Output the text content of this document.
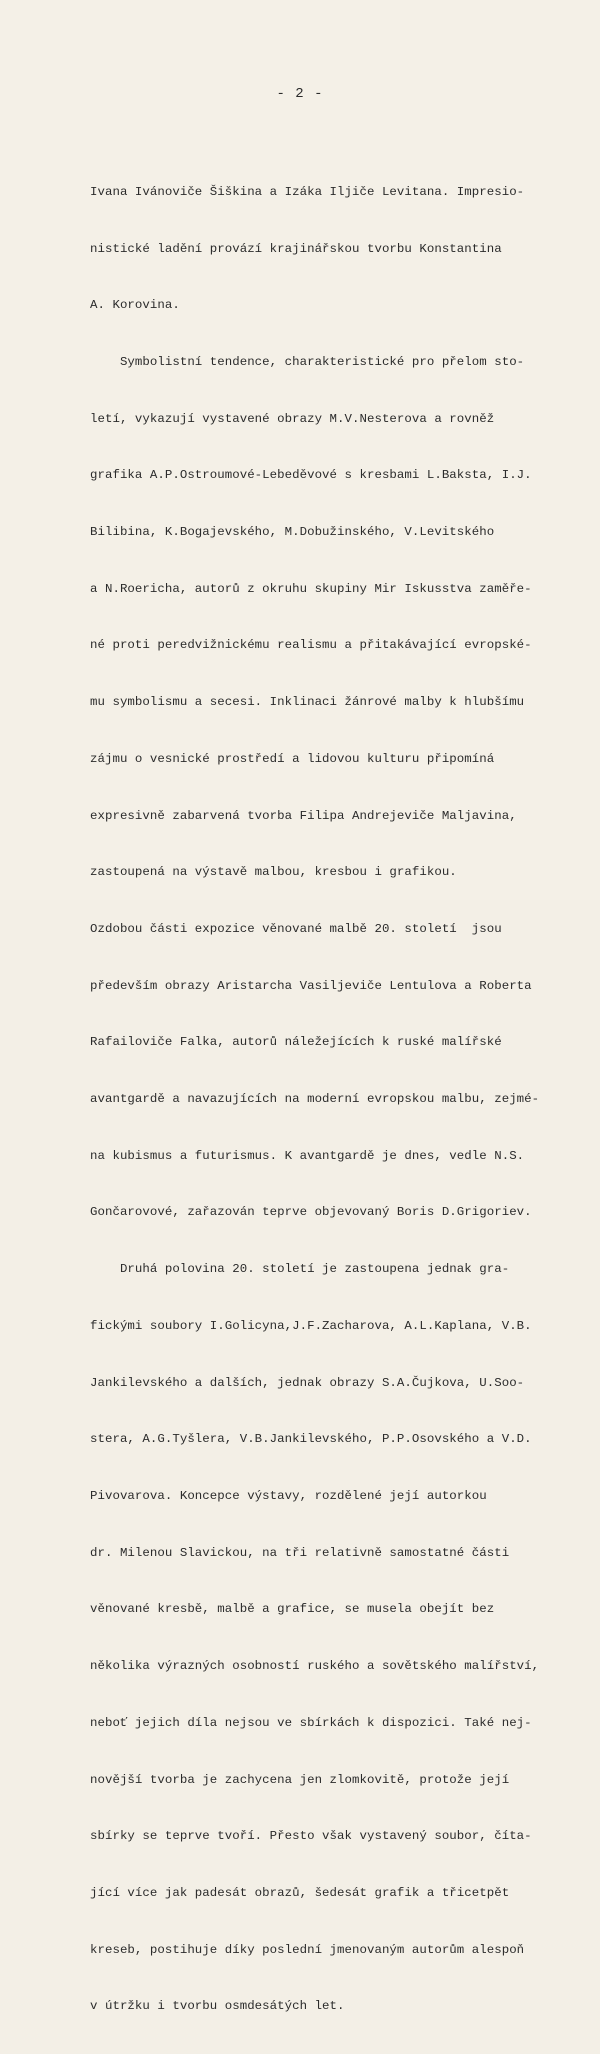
- 2 -

Ivana Ivánoviče Šiškina a Izáka Iljiče Levitana. Impresio-

nistické ladění provází krajinářskou tvorbu Konstantina

A. Korovina.

Symbolistní tendence, charakteristické pro přelom sto-

letí, vykazují vystavené obrazy M.V.Nesterova a rovněž

grafika A.P.Ostroumové-Lebeděvové s kresbami L.Baksta, I.J.

Bilibina, K.Bogajevského, M.Dobužinského, V.Levitského

a N.Roericha, autorů z okruhu skupiny Mir Iskusstva zaměře-

né proti peredvižnickému realismu a přitakávající evropské-

mu symbolismu a secesi. Inklinaci žánrové malby k hlubšímu

zájmu o vesnické prostředí a lidovou kulturu připomíná

expresivně zabarvená tvorba Filipa Andrejeviče Maljavina,

zastoupená na výstavě malbou, kresbou i grafikou.

Ozdobou části expozice věnované malbě 20. století  jsou

především obrazy Aristarcha Vasiljeviče Lentulova a Roberta

Rafailoviče Falka, autorů náležejících k ruské malířské

avantgardě a navazujících na moderní evropskou malbu, zejmé-

na kubismus a futurismus. K avantgardě je dnes, vedle N.S.

Gončarovové, zařazován teprve objevovaný Boris D.Grigoriev.

Druhá polovina 20. století je zastoupena jednak gra-

fickými soubory I.Golicyna,J.F.Zacharova, A.L.Kaplana, V.B.

Jankilevského a dalších, jednak obrazy S.A.Čujkova, U.Soo-

stera, A.G.Tyšlera, V.B.Jankilevského, P.P.Osovského a V.D.

Pivovarova. Koncepce výstavy, rozdělené její autorkou

dr. Milenou Slavickou, na tři relativně samostatné části

věnované kresbě, malbě a grafice, se musela obejít bez

několika výrazných osobností ruského a sovětského malířství,

neboť jejich díla nejsou ve sbírkách k dispozici. Také nej-

novější tvorba je zachycena jen zlomkovitě, protože její

sbírky se teprve tvoří. Přesto však vystavený soubor, číta-

jící více jak padesát obrazů, šedesát grafik a třicetpět

kreseb, postihuje díky poslední jmenovaným autorům alespoň

v útržku i tvorbu osmdesátých let.
